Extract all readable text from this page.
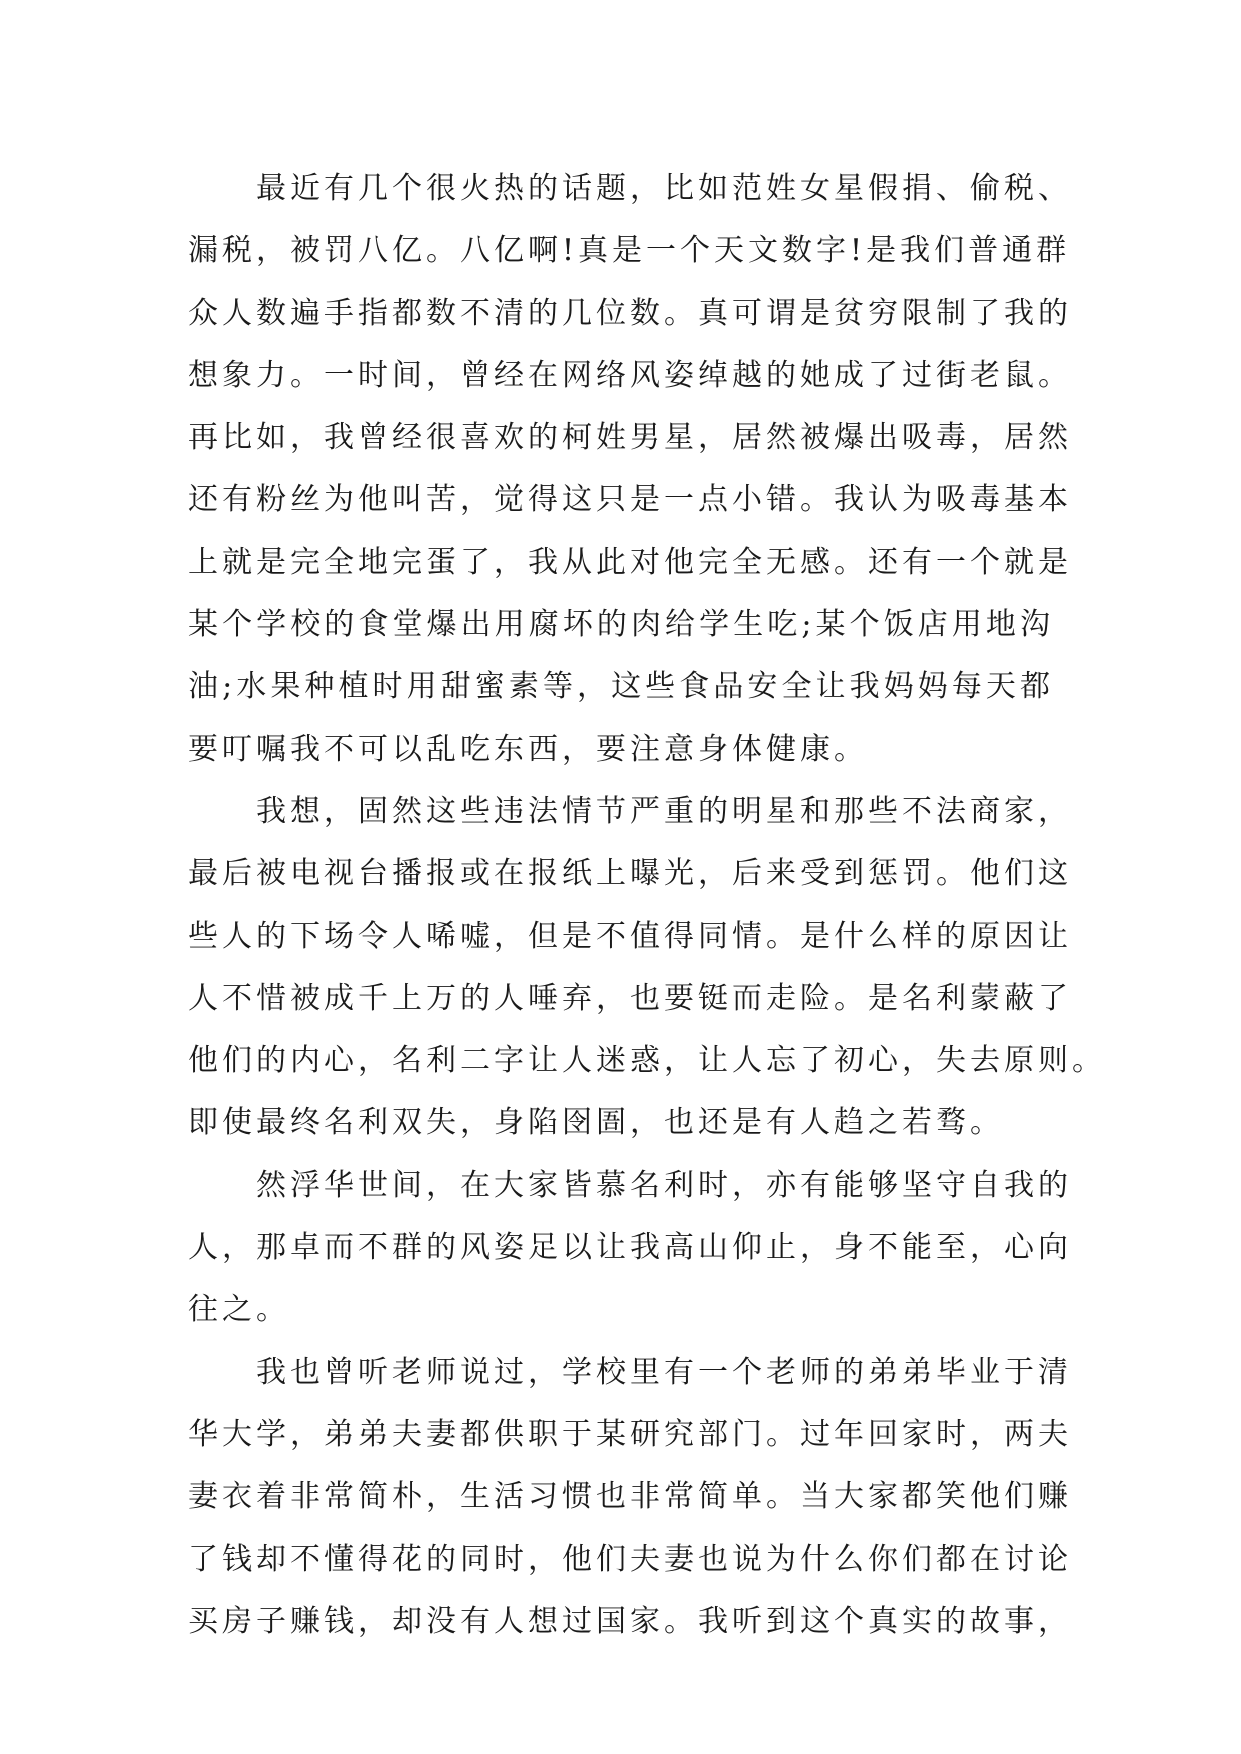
最近有几个很火热的话题，比如范姓女星假捐、偷税、
漏税，被罚八亿。八亿啊!真是一个天文数字!是我们普通群
众人数遍手指都数不清的几位数。真可谓是贫穷限制了我的
想象力。一时间，曾经在网络风姿绰越的她成了过街老鼠。
再比如，我曾经很喜欢的柯姓男星，居然被爆出吸毒，居然
还有粉丝为他叫苦，觉得这只是一点小错。我认为吸毒基本
上就是完全地完蛋了，我从此对他完全无感。还有一个就是
某个学校的食堂爆出用腐坏的肉给学生吃;某个饭店用地沟
油;水果种植时用甜蜜素等，这些食品安全让我妈妈每天都
要叮嘱我不可以乱吃东西，要注意身体健康。
我想，固然这些违法情节严重的明星和那些不法商家，
最后被电视台播报或在报纸上曝光，后来受到惩罚。他们这
些人的下场令人唏嘘，但是不值得同情。是什么样的原因让
人不惜被成千上万的人唾弃，也要铤而走险。是名利蒙蔽了
他们的内心，名利二字让人迷惑，让人忘了初心，失去原则。
即使最终名利双失，身陷囹圄，也还是有人趋之若骛。
然浮华世间，在大家皆慕名利时，亦有能够坚守自我的
人，那卓而不群的风姿足以让我高山仰止，身不能至，心向
往之。
我也曾听老师说过，学校里有一个老师的弟弟毕业于清
华大学，弟弟夫妻都供职于某研究部门。过年回家时，两夫
妻衣着非常简朴，生活习惯也非常简单。当大家都笑他们赚
了钱却不懂得花的同时，他们夫妻也说为什么你们都在讨论
买房子赚钱，却没有人想过国家。我听到这个真实的故事，
